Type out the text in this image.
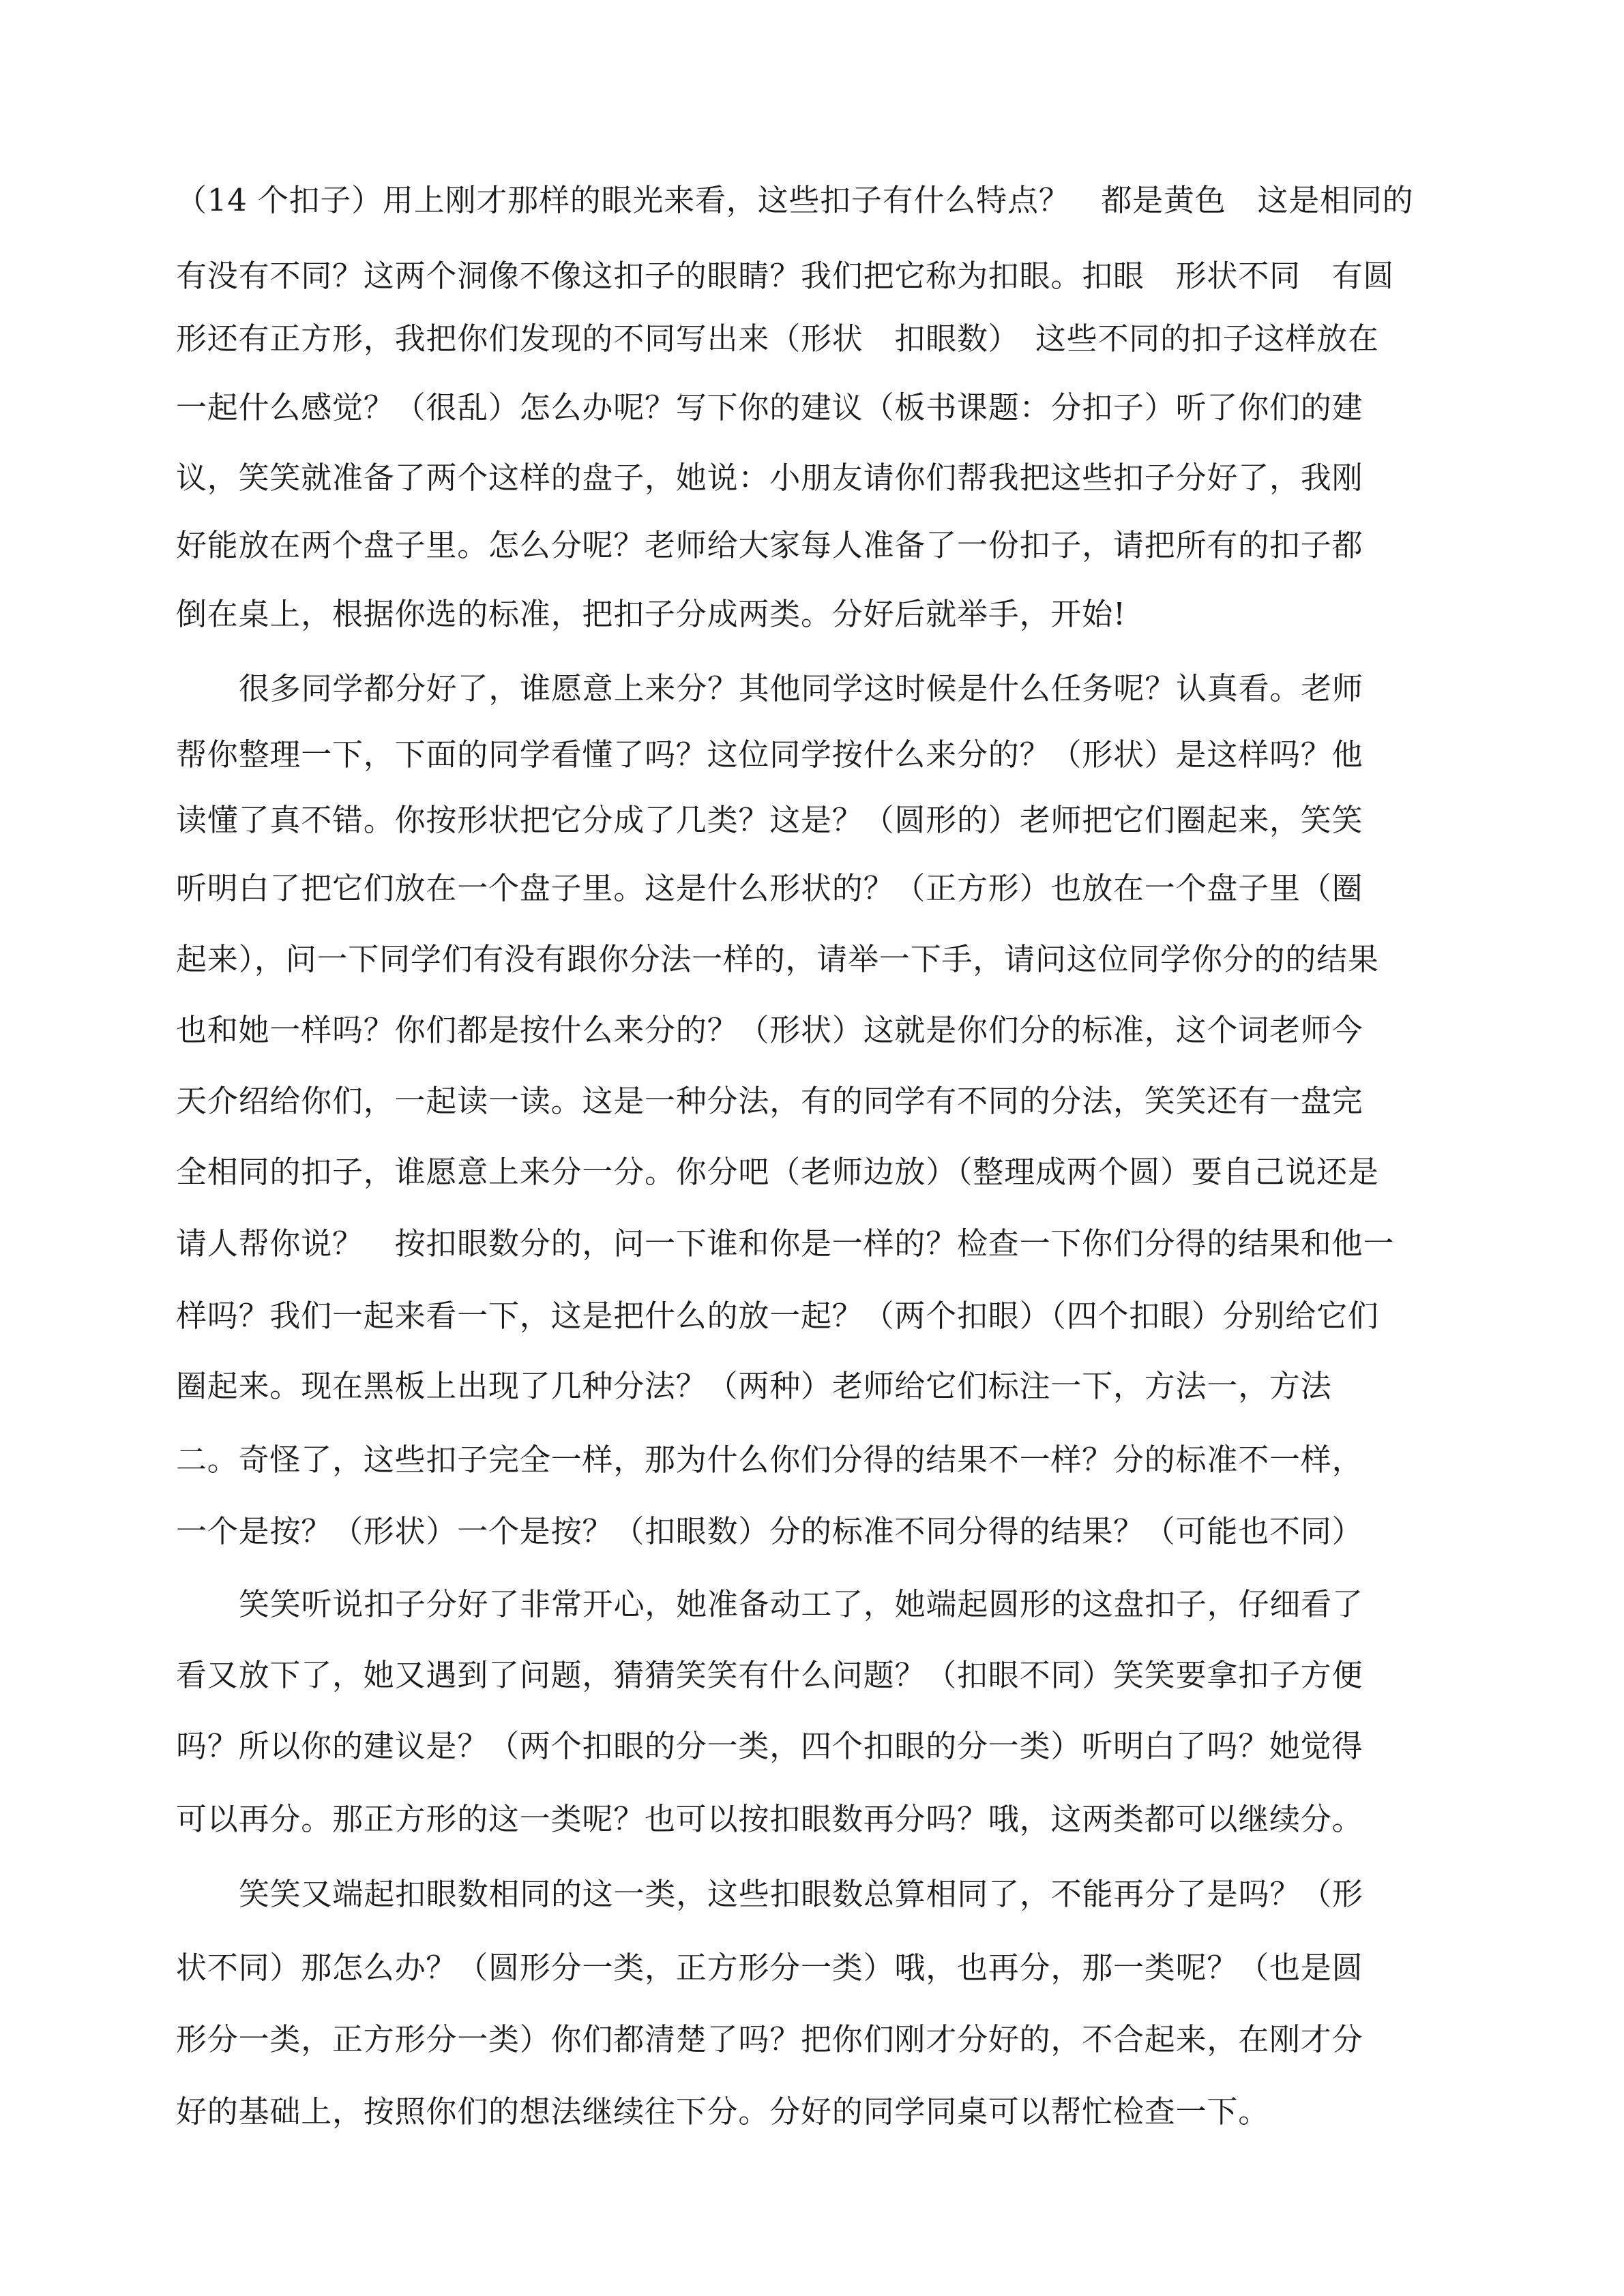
（14 个扣子）用上刚才那样的眼光来看，这些扣子有什么特点？　都是黄色　这是相同的
有没有不同？这两个洞像不像这扣子的眼睛？我们把它称为扣眼。扣眼　形状不同　有圆
形还有正方形，我把你们发现的不同写出来（形状　扣眼数）　这些不同的扣子这样放在
一起什么感觉？（很乱）怎么办呢？写下你的建议（板书课题：分扣子）听了你们的建
议，笑笑就准备了两个这样的盘子，她说：小朋友请你们帮我把这些扣子分好了，我刚
好能放在两个盘子里。怎么分呢？老师给大家每人准备了一份扣子，请把所有的扣子都
倒在桌上，根据你选的标准，把扣子分成两类。分好后就举手，开始!
很多同学都分好了，谁愿意上来分？其他同学这时候是什么任务呢？认真看。老师
帮你整理一下，下面的同学看懂了吗？这位同学按什么来分的？（形状）是这样吗？他
读懂了真不错。你按形状把它分成了几类？这是？（圆形的）老师把它们圈起来，笑笑
听明白了把它们放在一个盘子里。这是什么形状的？（正方形）也放在一个盘子里（圈
起来），问一下同学们有没有跟你分法一样的，请举一下手，请问这位同学你分的的结果
也和她一样吗？你们都是按什么来分的？（形状）这就是你们分的标准，这个词老师今
天介绍给你们，一起读一读。这是一种分法，有的同学有不同的分法，笑笑还有一盘完
全相同的扣子，谁愿意上来分一分。你分吧（老师边放）（整理成两个圆）要自己说还是
请人帮你说？　按扣眼数分的，问一下谁和你是一样的？检查一下你们分得的结果和他一
样吗？我们一起来看一下，这是把什么的放一起？（两个扣眼）（四个扣眼）分别给它们
圈起来。现在黑板上出现了几种分法？（两种）老师给它们标注一下，方法一，方法
二。奇怪了，这些扣子完全一样，那为什么你们分得的结果不一样？分的标准不一样，
一个是按？（形状）一个是按？（扣眼数）分的标准不同分得的结果？（可能也不同）
笑笑听说扣子分好了非常开心，她准备动工了，她端起圆形的这盘扣子，仔细看了
看又放下了，她又遇到了问题，猜猜笑笑有什么问题？（扣眼不同）笑笑要拿扣子方便
吗？所以你的建议是？（两个扣眼的分一类，四个扣眼的分一类）听明白了吗？她觉得
可以再分。那正方形的这一类呢？也可以按扣眼数再分吗？哦，这两类都可以继续分。
笑笑又端起扣眼数相同的这一类，这些扣眼数总算相同了，不能再分了是吗？（形
状不同）那怎么办？（圆形分一类，正方形分一类）哦，也再分，那一类呢？（也是圆
形分一类，正方形分一类）你们都清楚了吗？把你们刚才分好的，不合起来，在刚才分
好的基础上，按照你们的想法继续往下分。分好的同学同桌可以帮忙检查一下。
